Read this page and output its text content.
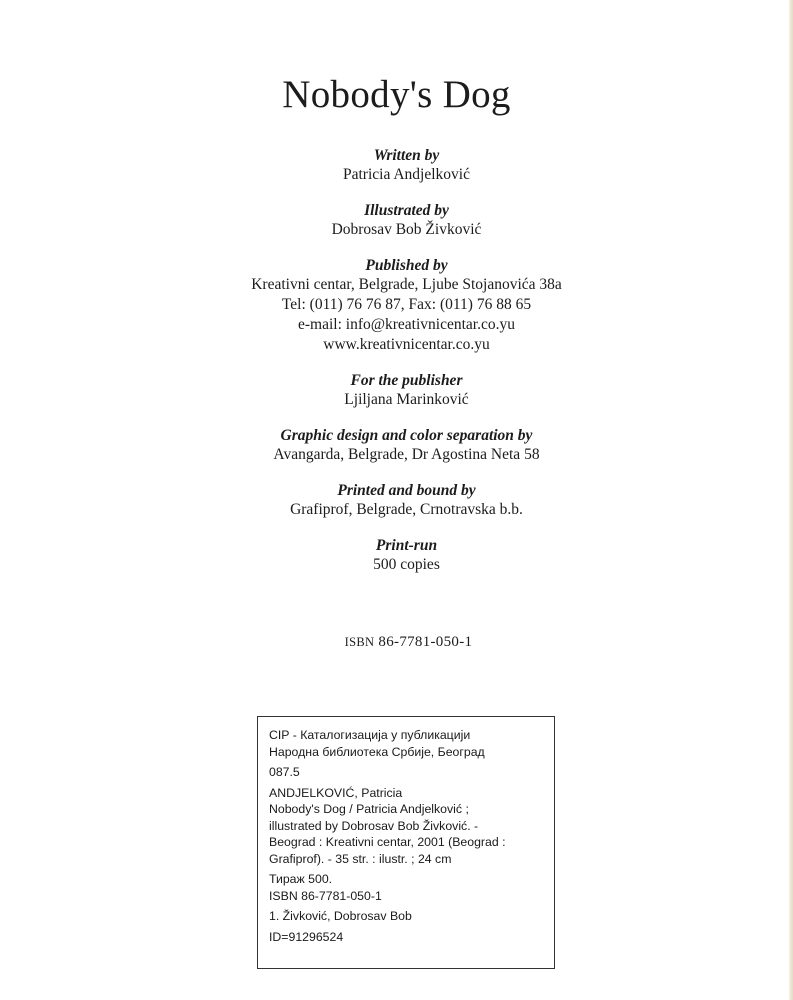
Nobody's Dog
Written by
Patricia Andjelković
Illustrated by
Dobrosav Bob Živković
Published by
Kreativni centar, Belgrade, Ljube Stojanovića 38a
Tel: (011) 76 76 87, Fax: (011) 76 88 65
e-mail: info@kreativnicentar.co.yu
www.kreativnicentar.co.yu
For the publisher
Ljiljana Marinković
Graphic design and color separation by
Avangarda, Belgrade, Dr Agostina Neta 58
Printed and bound by
Grafiprof, Belgrade, Crnotravska b.b.
Print-run
500 copies
ISBN 86-7781-050-1
CIP - Каталогизација у публикацији
Народна библиотека Србије, Београд
087.5
ANDJELKOVIĆ, Patricia
Nobody's Dog / Patricia Andjelković ;
illustrated by Dobrosav Bob Živković. -
Beograd : Kreativni centar, 2001 (Beograd :
Grafiprof). - 35 str. : ilustr. ; 24 cm
Тираж 500.
ISBN 86-7781-050-1
1. Živković, Dobrosav Bob
ID=91296524
